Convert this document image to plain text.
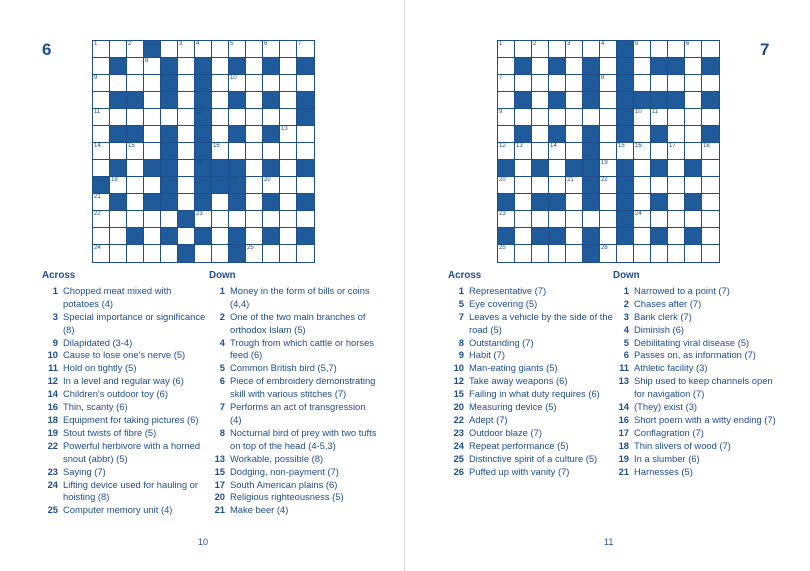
6	1	2	3 4	5	6	7
8
9	10
11	12
13
14	15	16
17
18	19	20
21
22	23
24	25
Across
1 Chopped meat mixed with potatoes (4)
3 Special importance or significance (8)
9 Dilapidated (3-4)
10 Cause to lose one's nerve (5)
11 Hold on tightly (5)
12 In a level and regular way (6)
14 Children's outdoor toy (6)
16 Thin, scanty (6)
18 Equipment for taking pictures (6)
19 Stout twists of fibre (5)
22 Powerful herbivore with a horned snout (abbr) (5)
23 Saying (7)
24 Lifting device used for hauling or hoisting (8)
25 Computer memory unit (4)
Down
1 Money in the form of bills or coins (4,4)
2 One of the two main branches of orthodox Islam (5)
4 Trough from which cattle or horses feed (6)
5 Common British bird (5,7)
6 Piece of embroidery demonstrating skill with various stitches (7)
7 Performs an act of transgression (4)
8 Nocturnal bird of prey with two tufts on top of the head (4-5,3)
13 Workable, possible (8)
15 Dodging, non-payment (7)
17 South American plains (6)
20 Religious righteousness (5)
21 Make beer (4)
10
7
1	2	3	4	5	6
7	8
9	10 11
12 13	14	15 16	17	18
19
20	21	22
23	24
25	26
Across
1 Representative (7)
5 Eye covering (5)
7 Leaves a vehicle by the side of the road (5)
8 Outstanding (7)
9 Habit (7)
10 Man-eating giants (5)
12 Take away weapons (6)
15 Failing in what duty requires (6)
20 Measuring device (5)
22 Adept (7)
23 Outdoor blaze (7)
24 Repeat performance (5)
25 Distinctive spirit of a culture (5)
26 Puffed up with vanity (7)
Down
1 Narrowed to a point (7)
2 Chases after (7)
3 Bank clerk (7)
4 Diminish (6)
5 Debilitating viral disease (5)
6 Passes on, as information (7)
11 Athletic facility (3)
13 Ship used to keep channels open for navigation (7)
14 (They) exist (3)
16 Short poem with a witty ending (7)
17 Conflagration (7)
18 Thin slivers of wood (7)
19 In a slumber (6)
21 Harnesses (5)
11
